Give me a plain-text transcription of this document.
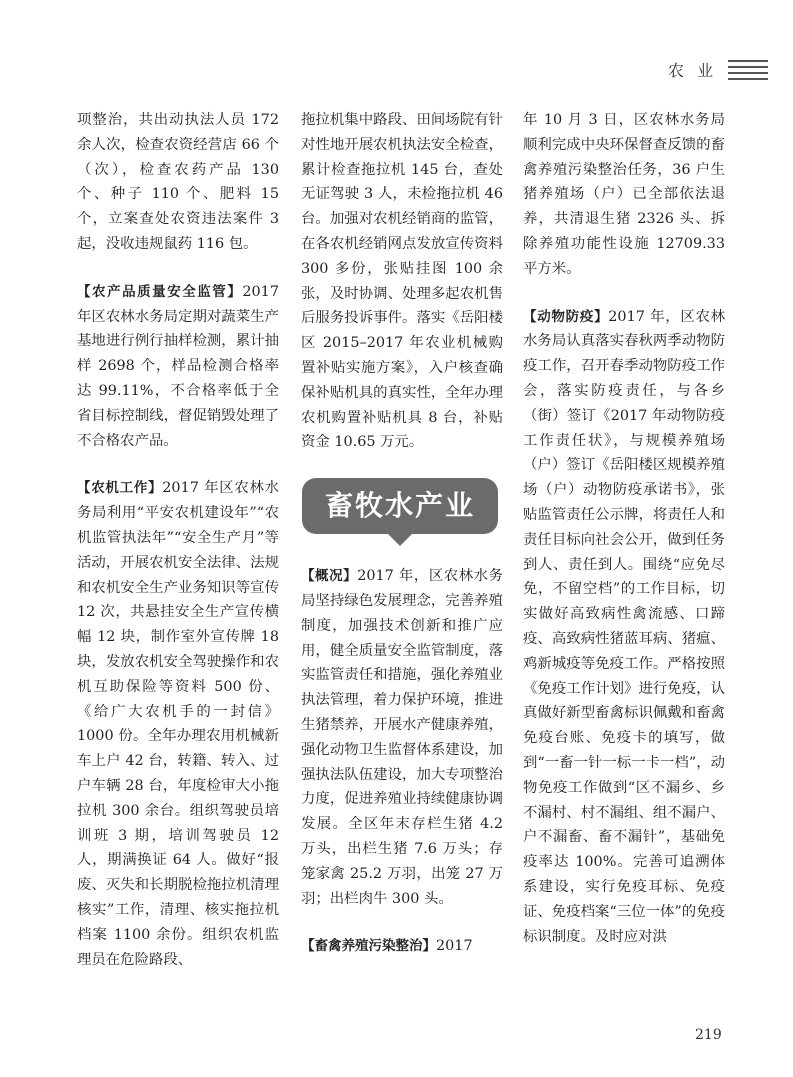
农 业

项整治，共出动执法人员 172 余人次，检查农资经营店 66 个（次），检查农药产品 130 个、种子 110 个、肥料 15 个，立案查处农资违法案件 3 起，没收违规鼠药 116 包。

【农产品质量安全监管】2017 年区农林水务局定期对蔬菜生产基地进行例行抽样检测，累计抽样 2698 个，样品检测合格率达 99.11%，不合格率低于全省目标控制线，督促销毁处理了不合格农产品。

【农机工作】2017 年区农林水务局利用“平安农机建设年”“农机监管执法年”“安全生产月”等活动，开展农机安全法律、法规和农机安全生产业务知识等宣传 12 次，共悬挂安全生产宣传横幅 12 块，制作室外宣传牌 18 块，发放农机安全驾驶操作和农机互助保险等资料 500 份、《给广大农机手的一封信》1000 份。全年办理农用机械新车上户 42 台，转籍、转入、过户车辆 28 台，年度检审大小拖拉机 300 余台。组织驾驶员培训班 3 期，培训驾驶员 12 人，期满换证 64 人。做好“报废、灭失和长期脱检拖拉机清理核实”工作，清理、核实拖拉机档案 1100 余份。组织农机监理员在危险路段、

拖拉机集中路段、田间场院有针对性地开展农机执法安全检查，累计检查拖拉机 145 台，查处无证驾驶 3 人，未检拖拉机 46 台。加强对农机经销商的监管，在各农机经销网点发放宣传资料 300 多份，张贴挂图 100 余张，及时协调、处理多起农机售后服务投诉事件。落实《岳阳楼区 2015–2017 年农业机械购置补贴实施方案》，入户核查确保补贴机具的真实性，全年办理农机购置补贴机具 8 台，补贴资金 10.65 万元。

畜牧水产业

【概况】2017 年，区农林水务局坚持绿色发展理念，完善养殖制度，加强技术创新和推广应用，健全质量安全监管制度，落实监管责任和措施，强化养殖业执法管理，着力保护环境，推进生猪禁养，开展水产健康养殖，强化动物卫生监督体系建设，加强执法队伍建设，加大专项整治力度，促进养殖业持续健康协调发展。全区年末存栏生猪 4.2 万头，出栏生猪 7.6 万头；存笼家禽 25.2 万羽，出笼 27 万羽；出栏肉牛 300 头。

【畜禽养殖污染整治】2017

年 10 月 3 日，区农林水务局顺利完成中央环保督查反馈的畜禽养殖污染整治任务，36 户生猪养殖场（户）已全部依法退养，共清退生猪 2326 头、拆除养殖功能性设施 12709.33 平方米。

【动物防疫】2017 年，区农林水务局认真落实春秋两季动物防疫工作，召开春季动物防疫工作会，落实防疫责任，与各乡（街）签订《2017 年动物防疫工作责任状》，与规模养殖场（户）签订《岳阳楼区规模养殖场（户）动物防疫承诺书》，张贴监管责任公示牌，将责任人和责任目标向社会公开，做到任务到人、责任到人。围绕“应免尽免，不留空档”的工作目标，切实做好高致病性禽流感、口蹄疫、高致病性猪蓝耳病、猪瘟、鸡新城疫等免疫工作。严格按照《免疫工作计划》进行免疫，认真做好新型畜禽标识佩戴和畜禽免疫台账、免疫卡的填写，做到“一畜一针一标一卡一档”，动物免疫工作做到“区不漏乡、乡不漏村、村不漏组、组不漏户、户不漏畜、畜不漏针”，基础免疫率达 100%。完善可追溯体系建设，实行免疫耳标、免疫证、免疫档案“三位一体”的免疫标识制度。及时应对洪

219
